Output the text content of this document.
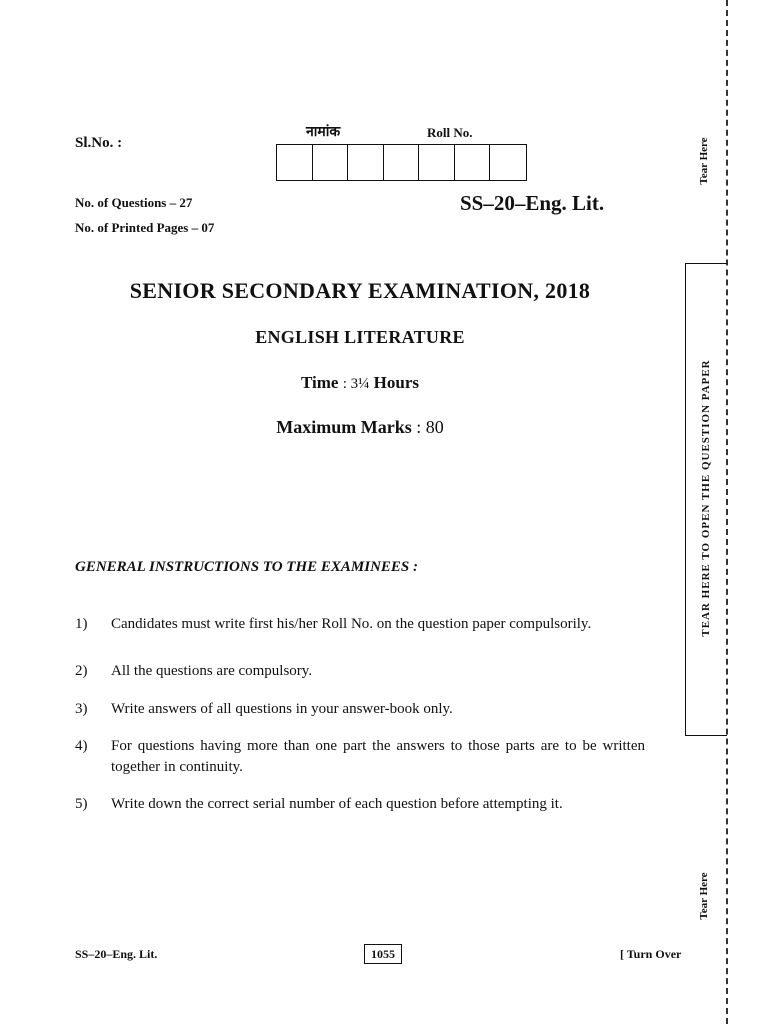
Sl.No. :
नामांक	Roll No.
No. of Questions – 27
No. of Printed Pages – 07
SS–20–Eng. Lit.
SENIOR SECONDARY EXAMINATION, 2018
ENGLISH LITERATURE
Time : 3¼ Hours
Maximum Marks : 80
GENERAL INSTRUCTIONS TO THE EXAMINEES :
1)	Candidates must write first his/her Roll No. on the question paper compulsorily.
2)	All the questions are compulsory.
3)	Write answers of all questions in your answer-book only.
4)	For questions having more than one part the answers to those parts are to be written together in continuity.
5)	Write down the correct serial number of each question before attempting it.
SS–20–Eng. Lit.	1055	[ Turn Over
Tear Here
TEAR HERE TO OPEN THE QUESTION PAPER
Tear Here
